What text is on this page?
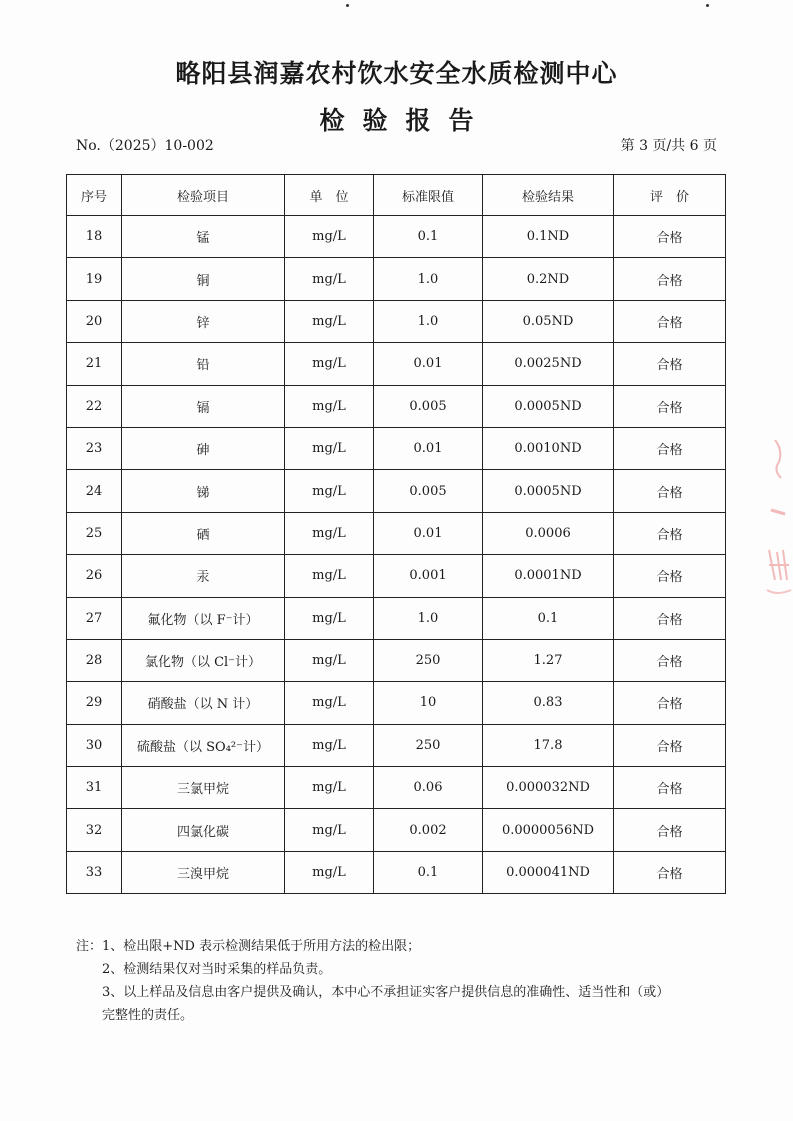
略阳县润嘉农村饮水安全水质检测中心
检验报告
No.（2025）10-002	第 3 页/共 6 页
序号	检验项目	单　位	标准限值	检验结果	评　价
18	锰	mg/L	0.1	0.1ND	合格
19	铜	mg/L	1.0	0.2ND	合格
20	锌	mg/L	1.0	0.05ND	合格
21	铅	mg/L	0.01	0.0025ND	合格
22	镉	mg/L	0.005	0.0005ND	合格
23	砷	mg/L	0.01	0.0010ND	合格
24	锑	mg/L	0.005	0.0005ND	合格
25	硒	mg/L	0.01	0.0006	合格
26	汞	mg/L	0.001	0.0001ND	合格
27	氟化物（以 F⁻计）	mg/L	1.0	0.1	合格
28	氯化物（以 Cl⁻计）	mg/L	250	1.27	合格
29	硝酸盐（以 N 计）	mg/L	10	0.83	合格
30	硫酸盐（以 SO₄²⁻计）	mg/L	250	17.8	合格
31	三氯甲烷	mg/L	0.06	0.000032ND	合格
32	四氯化碳	mg/L	0.002	0.0000056ND	合格
33	三溴甲烷	mg/L	0.1	0.000041ND	合格
注：1、检出限+ND 表示检测结果低于所用方法的检出限；
2、检测结果仅对当时采集的样品负责。
3、以上样品及信息由客户提供及确认，本中心不承担证实客户提供信息的准确性、适当性和（或）
完整性的责任。
